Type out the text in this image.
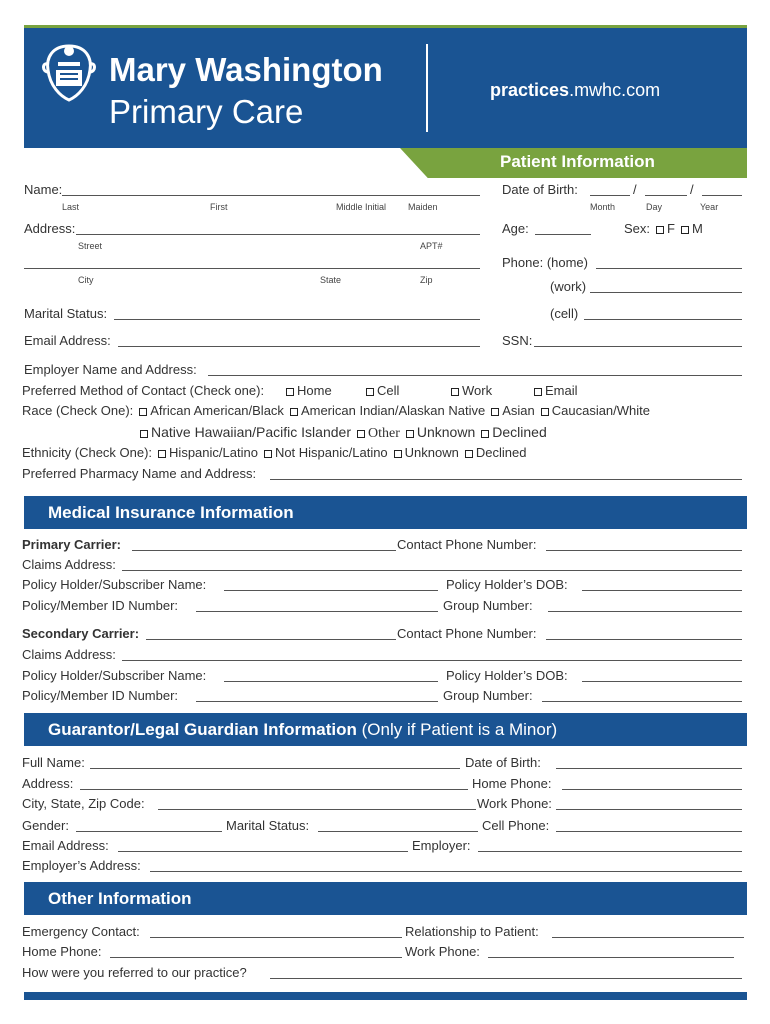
Mary Washington
Primary Care
practices.mwhc.com
Patient Information
Name:
Last	First	Middle Initial Maiden
Date of Birth:	/	/
Month	Day	Year
Address:
Street	APT#
Age:	Sex: F M
City	State	Zip
Phone: (home)
(work)
(cell)
Marital Status:
Email Address:	SSN:
Employer Name and Address:
Preferred Method of Contact (Check one):	Home	Cell	Work	Email
Race (Check One): African American/Black American Indian/Alaskan Native Asian Caucasian/White
Native Hawaiian/Pacific Islander Other Unknown Declined
Ethnicity (Check One): Hispanic/Latino Not Hispanic/Latino Unknown Declined
Preferred Pharmacy Name and Address:
Medical Insurance Information
Primary Carrier:	Contact Phone Number:
Claims Address:
Policy Holder/Subscriber Name:	Policy Holder’s DOB:
Policy/Member ID Number:	Group Number:
Secondary Carrier:	Contact Phone Number:
Claims Address:
Policy Holder/Subscriber Name:	Policy Holder’s DOB:
Policy/Member ID Number:	Group Number:
Guarantor/Legal Guardian Information (Only if Patient is a Minor)
Full Name:	Date of Birth:
Address:	Home Phone:
City, State, Zip Code:	Work Phone:
Gender:	Marital Status:	Cell Phone:
Email Address:	Employer:
Employer’s Address:
Other Information
Emergency Contact:	Relationship to Patient:
Home Phone:	Work Phone:
How were you referred to our practice?
